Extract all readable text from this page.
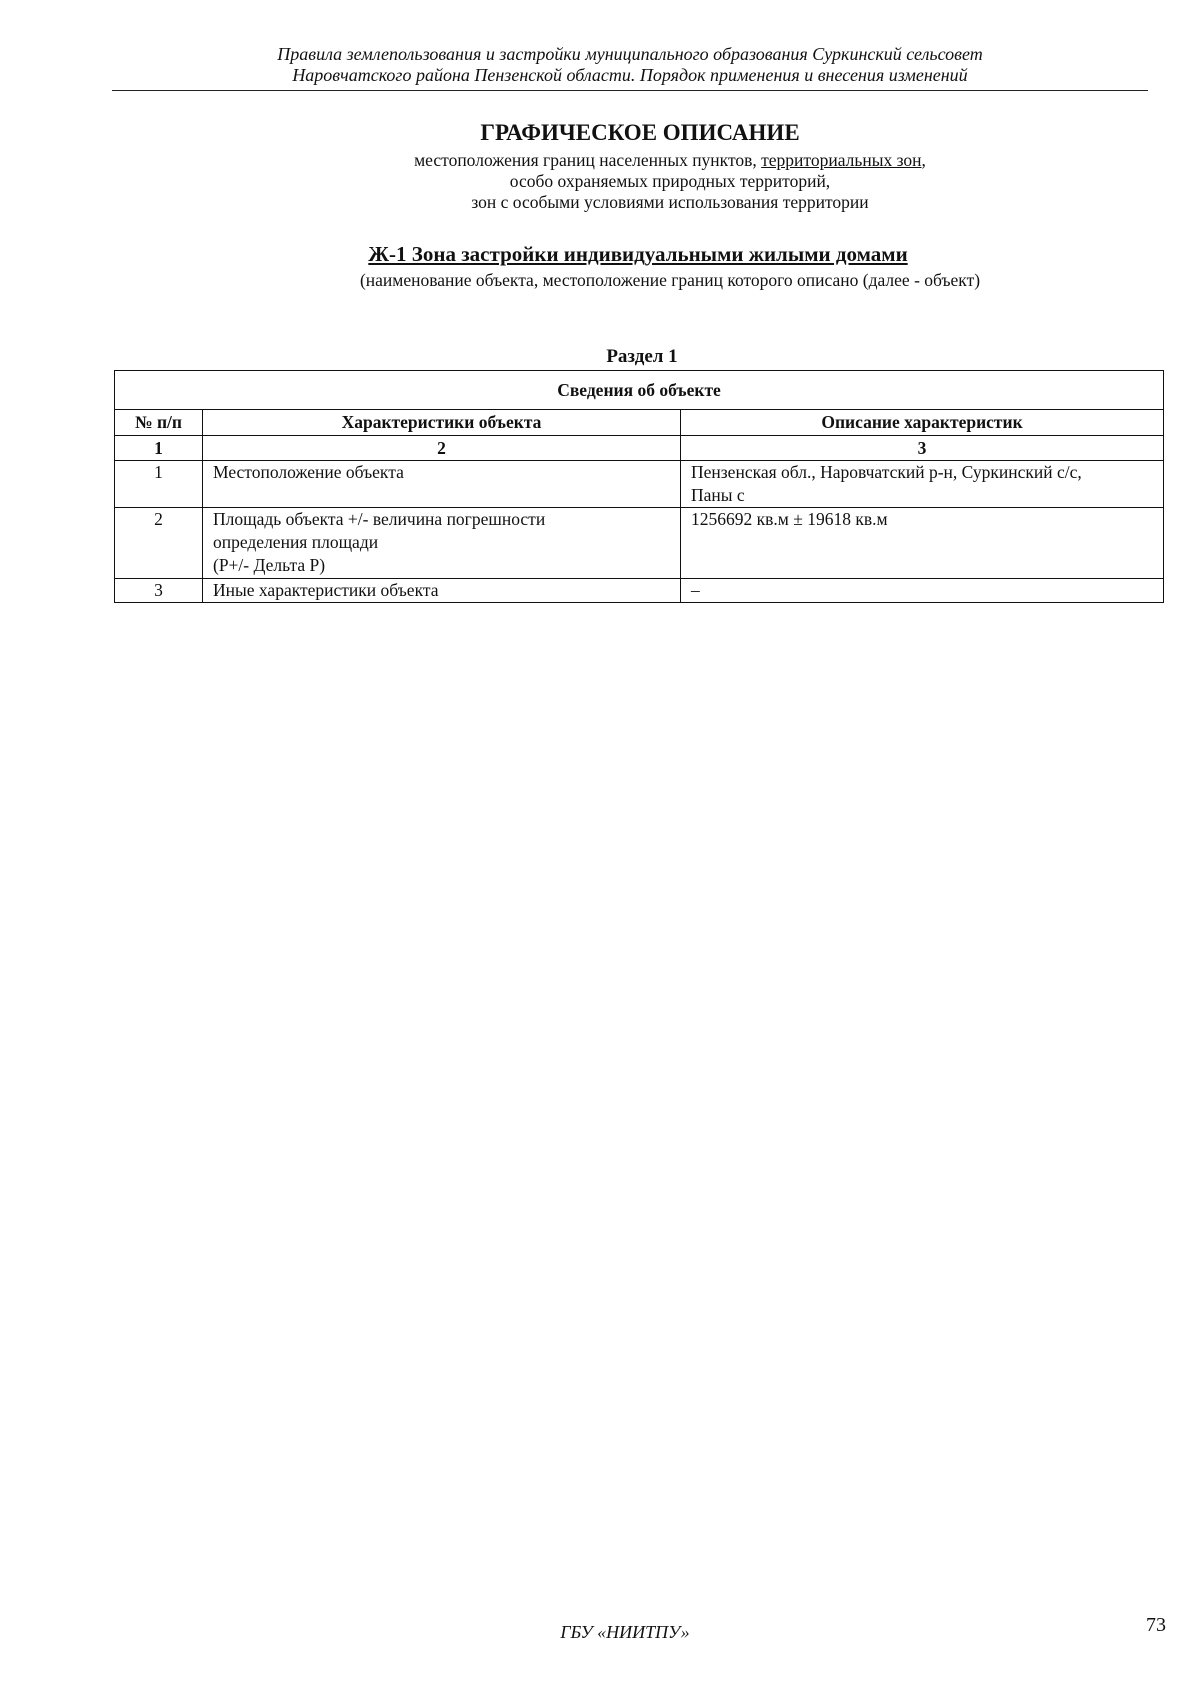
Правила землепользования и застройки муниципального образования Суркинский сельсовет
Наровчатского района Пензенской области. Порядок применения и внесения изменений
ГРАФИЧЕСКОЕ ОПИСАНИЕ
местоположения границ населенных пунктов, территориальных зон,
особо охраняемых природных территорий,
зон с особыми условиями использования территории
Ж-1 Зона застройки индивидуальными жилыми домами
(наименование объекта, местоположение границ которого описано (далее - объект)
Раздел 1
Сведения об объекте		
№ п/п	Характеристики объекта	Описание характеристик
1	2	3
1	Местоположение объекта	Пензенская обл., Наровчатский р-н, Суркинский с/с,
Паны с

2	Площадь объекта +/- величина погрешности
определения площади
(Р+/- Дельта Р)	1256692 кв.м ± 19618 кв.м

3	Иные характеристики объекта	–
ГБУ «НИИТПУ»	73
